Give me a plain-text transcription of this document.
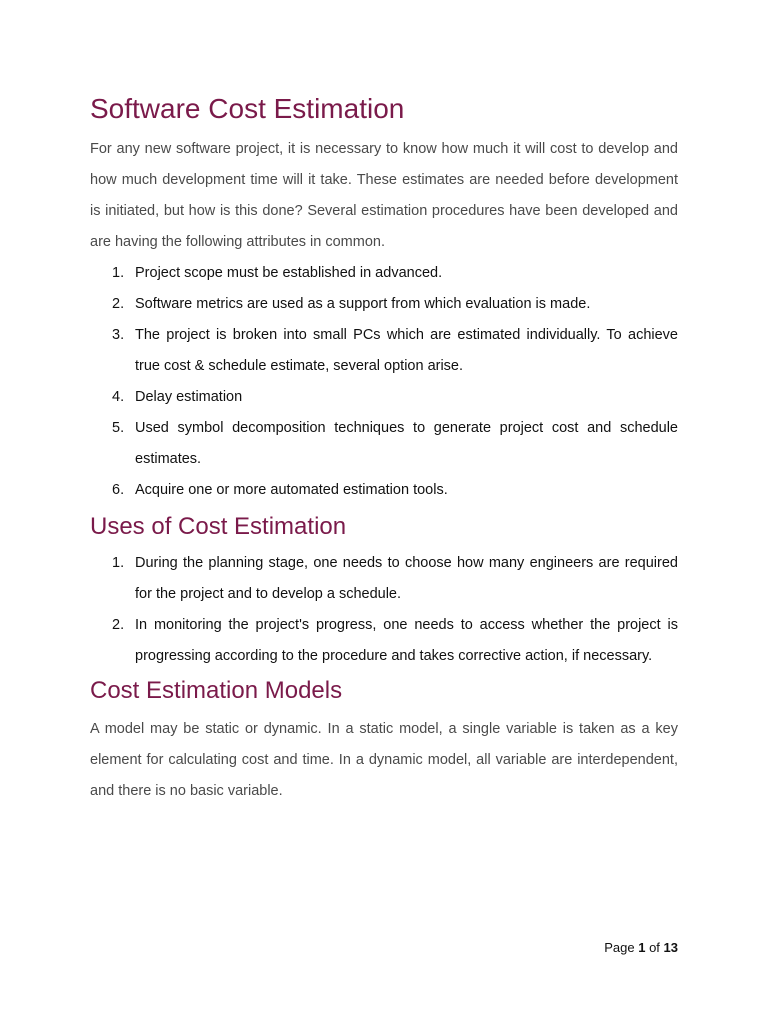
Software Cost Estimation

For any new software project, it is necessary to know how much it will cost to develop and how much development time will it take. These estimates are needed before development is initiated, but how is this done? Several estimation procedures have been developed and are having the following attributes in common.

1. Project scope must be established in advanced.
2. Software metrics are used as a support from which evaluation is made.
3. The project is broken into small PCs which are estimated individually. To achieve true cost & schedule estimate, several option arise.
4. Delay estimation
5. Used symbol decomposition techniques to generate project cost and schedule estimates.
6. Acquire one or more automated estimation tools.
Uses of Cost Estimation
1. During the planning stage, one needs to choose how many engineers are required for the project and to develop a schedule.
2. In monitoring the project's progress, one needs to access whether the project is progressing according to the procedure and takes corrective action, if necessary.
Cost Estimation Models

A model may be static or dynamic. In a static model, a single variable is taken as a key element for calculating cost and time. In a dynamic model, all variable are interdependent, and there is no basic variable.

Page 1 of 13
